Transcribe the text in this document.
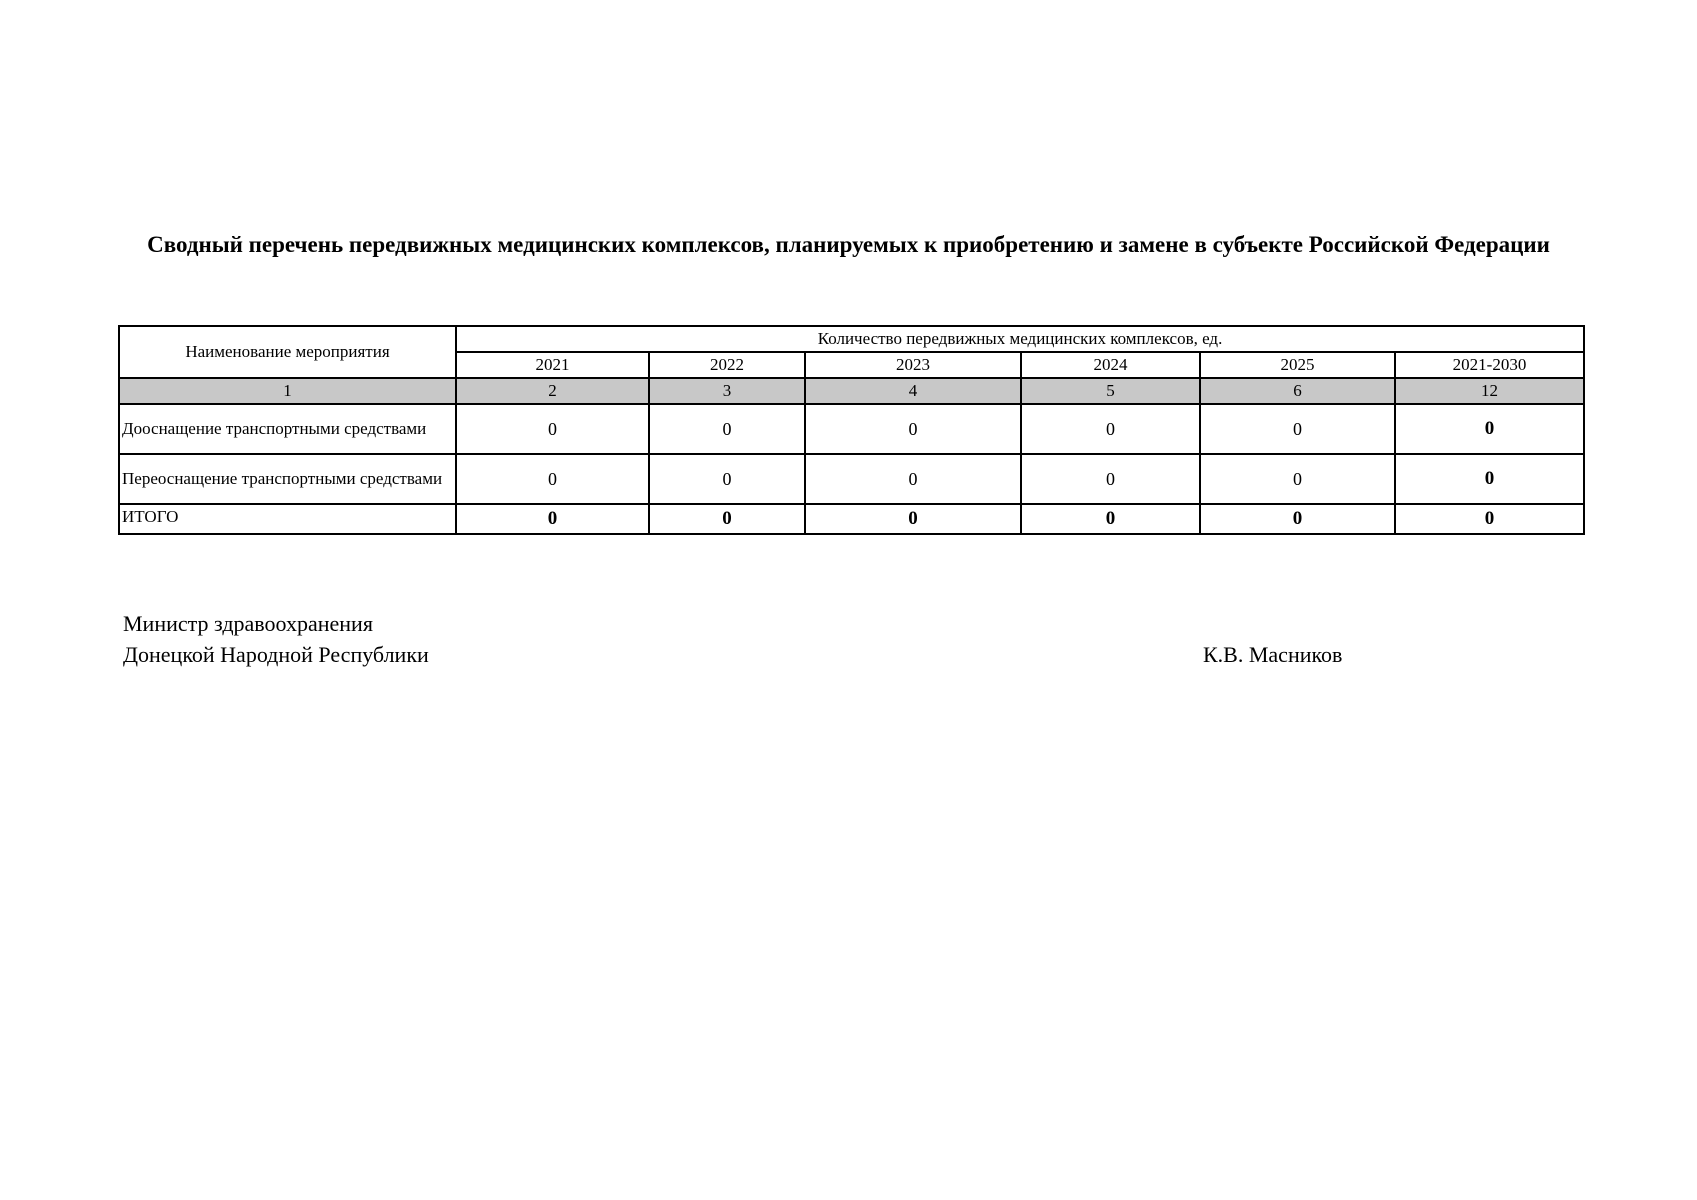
Сводный перечень передвижных медицинских комплексов, планируемых к приобретению и замене в субъекте Российской Федерации
Наименование мероприятия	Количество передвижных медицинских комплексов, ед.					
	2021	2022	2023	2024	2025	2021-2030
1	2	3	4	5	6	12
Дооснащение транспортными средствами	0	0	0	0	0	0
Переоснащение транспортными средствами	0	0	0	0	0	0
ИТОГО	0	0	0	0	0	0
Министр здравоохранения
Донецкой Народной Республики	К.В. Масников
